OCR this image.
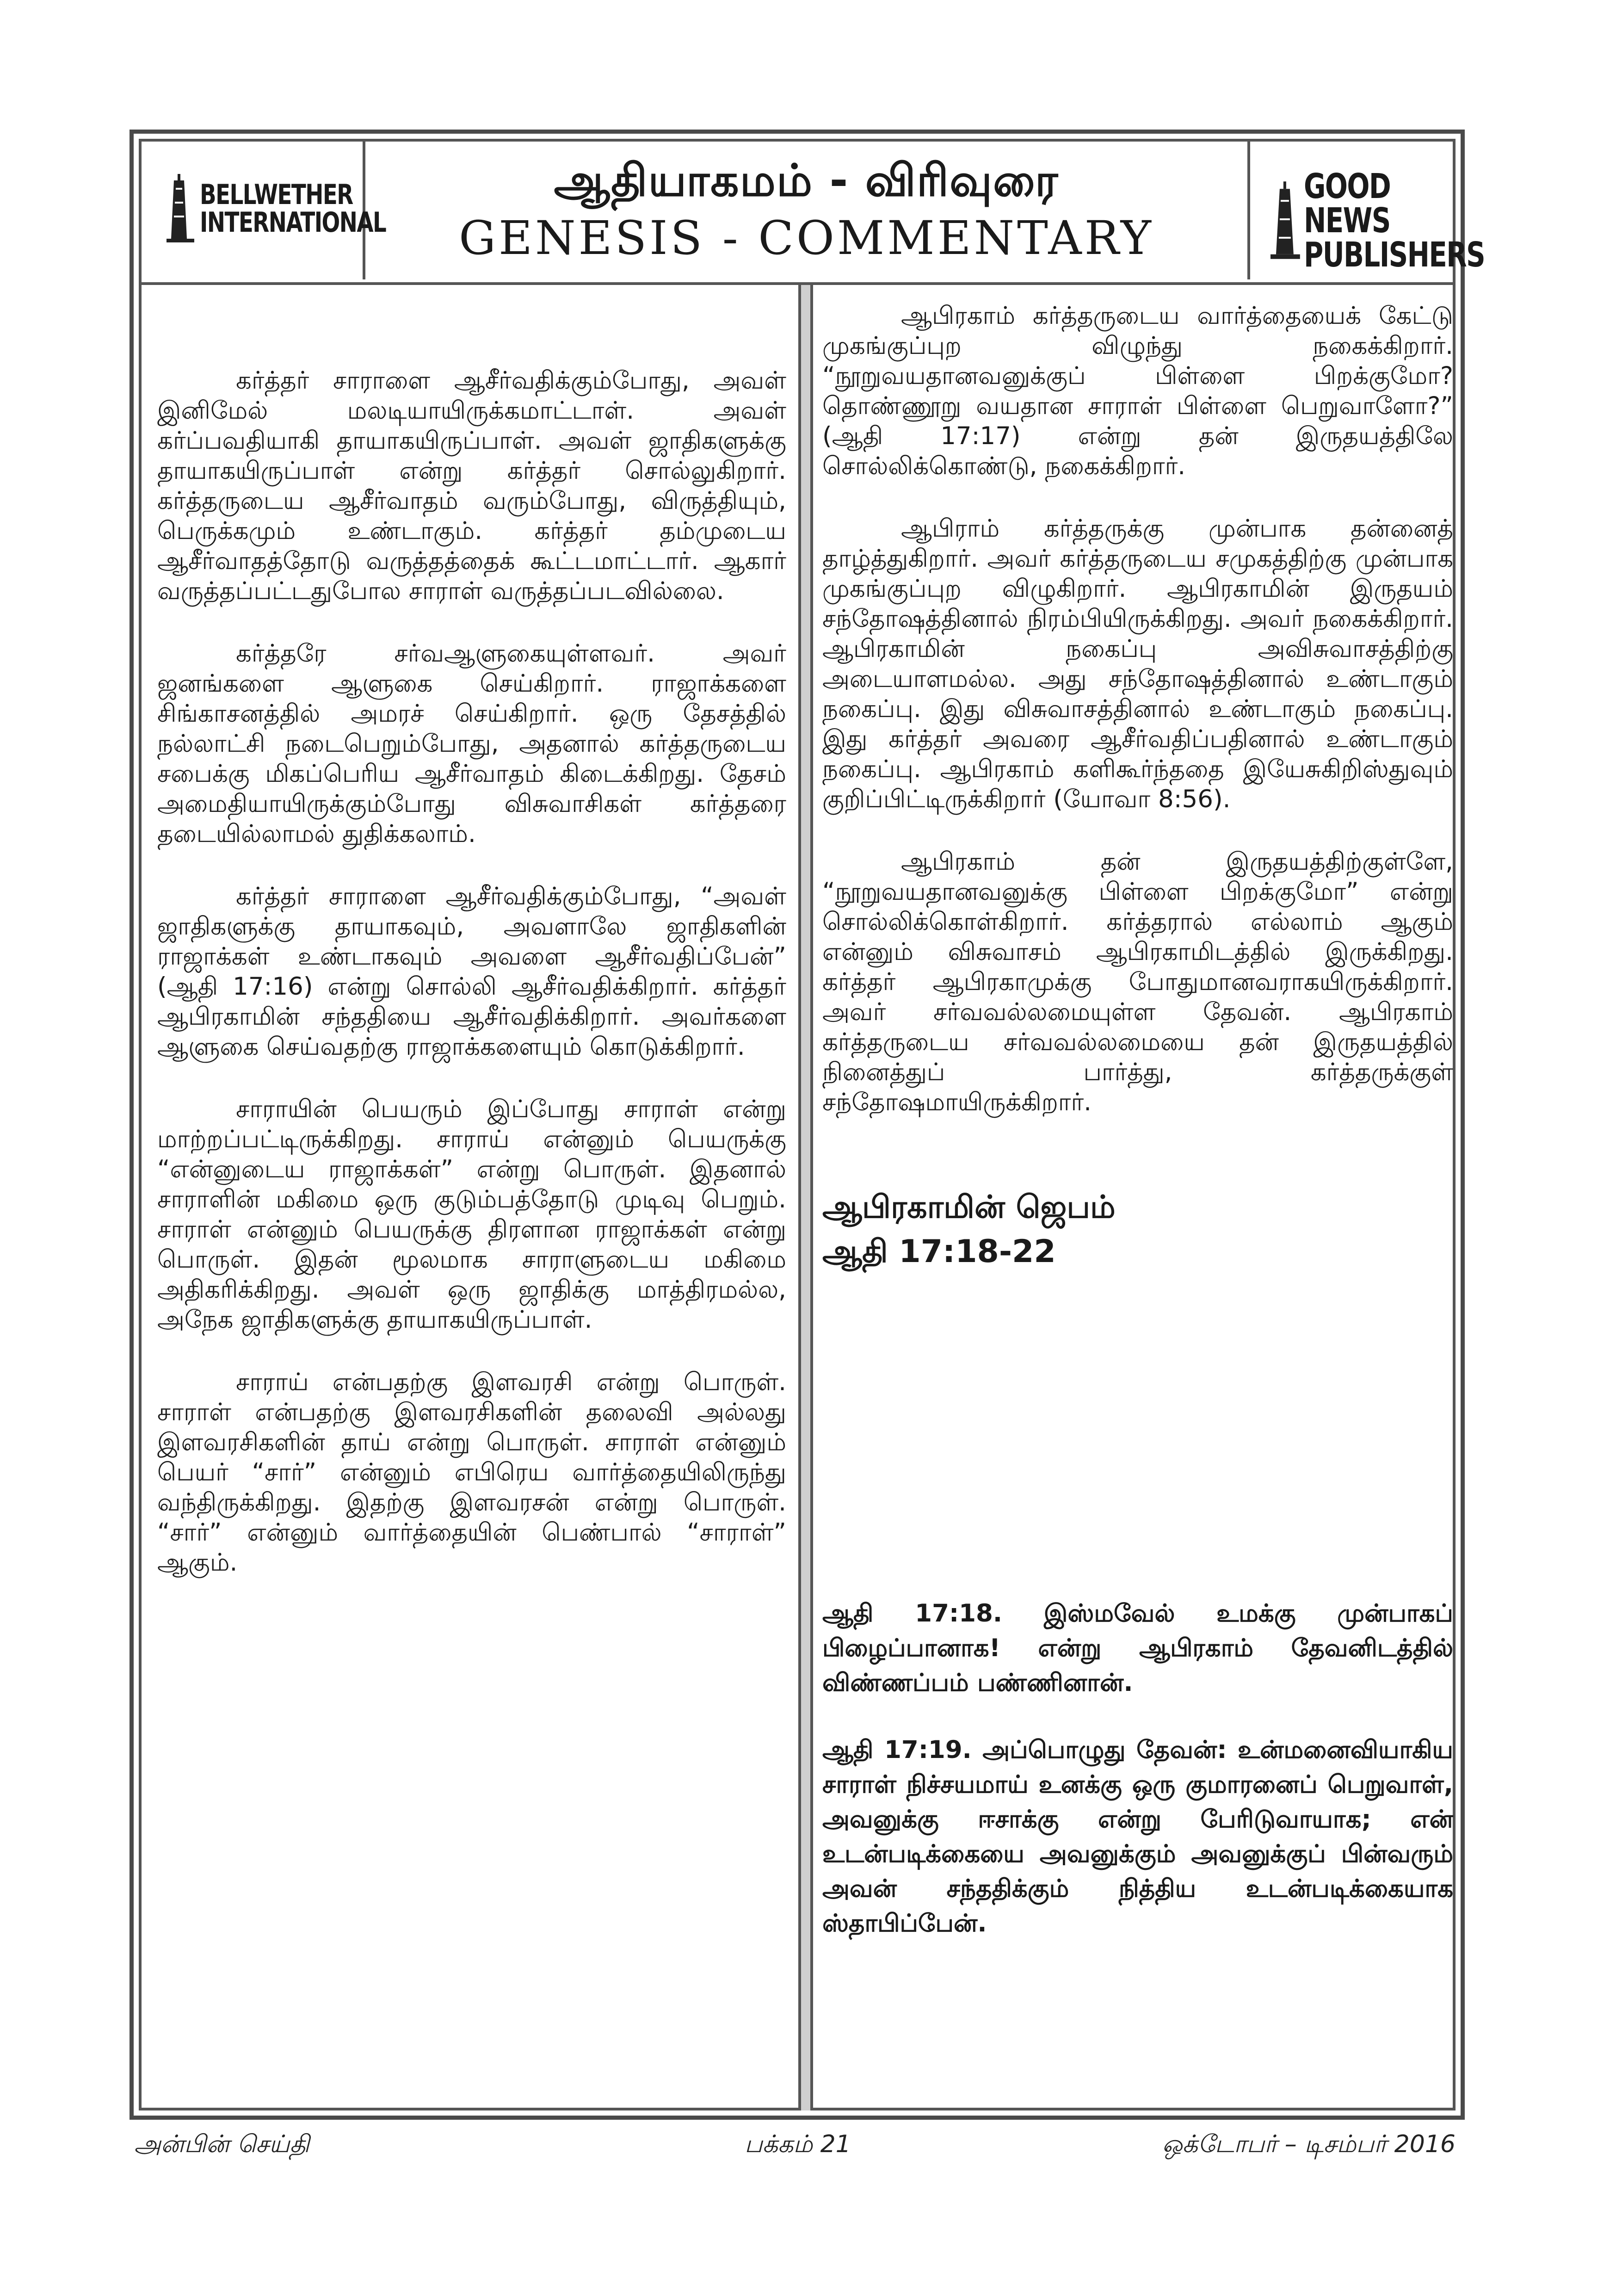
BELLWETHER
INTERNATIONAL
ஆதியாகமம் - விரிவுரை
GENESIS - COMMENTARY
GOOD NEWS
PUBLISHERS

கர்த்தர் சாராளை ஆசீர்வதிக்கும்போது, அவள் இனிமேல் மலடியாயிருக்கமாட்டாள். அவள் கர்ப்பவதியாகி தாயாகயிருப்பாள். அவள் ஜாதிகளுக்கு தாயாகயிருப்பாள் என்று கர்த்தர் சொல்லுகிறார். கர்த்தருடைய ஆசீர்வாதம் வரும்போது, விருத்தியும், பெருக்கமும் உண்டாகும். கர்த்தர் தம்முடைய ஆசீர்வாதத்தோடு வருத்தத்தைக் கூட்டமாட்டார். ஆகார் வருத்தப்பட்டதுபோல சாராள் வருத்தப்படவில்லை.

கர்த்தரே சர்வஆளுகையுள்ளவர். அவர் ஜனங்களை ஆளுகை செய்கிறார். ராஜாக்களை சிங்காசனத்தில் அமரச் செய்கிறார். ஒரு தேசத்தில் நல்லாட்சி நடைபெறும்போது, அதனால் கர்த்தருடைய சபைக்கு மிகப்பெரிய ஆசீர்வாதம் கிடைக்கிறது. தேசம் அமைதியாயிருக்கும்போது விசுவாசிகள் கர்த்தரை தடையில்லாமல் துதிக்கலாம்.

கர்த்தர் சாராளை ஆசீர்வதிக்கும்போது, “அவள் ஜாதிகளுக்கு தாயாகவும், அவளாலே ஜாதிகளின் ராஜாக்கள் உண்டாகவும் அவளை ஆசீர்வதிப்பேன்” (ஆதி 17:16) என்று சொல்லி ஆசீர்வதிக்கிறார். கர்த்தர் ஆபிரகாமின் சந்ததியை ஆசீர்வதிக்கிறார். அவர்களை ஆளுகை செய்வதற்கு ராஜாக்களையும் கொடுக்கிறார்.

சாராயின் பெயரும் இப்போது சாராள் என்று மாற்றப்பட்டிருக்கிறது. சாராய் என்னும் பெயருக்கு “என்னுடைய ராஜாக்கள்” என்று பொருள். இதனால் சாராளின் மகிமை ஒரு குடும்பத்தோடு முடிவு பெறும். சாராள் என்னும் பெயருக்கு திரளான ராஜாக்கள் என்று பொருள். இதன் மூலமாக சாராளுடைய மகிமை அதிகரிக்கிறது. அவள் ஒரு ஜாதிக்கு மாத்திரமல்ல, அநேக ஜாதிகளுக்கு தாயாகயிருப்பாள்.

சாராய் என்பதற்கு இளவரசி என்று பொருள். சாராள் என்பதற்கு இளவரசிகளின் தலைவி அல்லது இளவரசிகளின் தாய் என்று பொருள். சாராள் என்னும் பெயர் “சார்” என்னும் எபிரெய வார்த்தையிலிருந்து வந்திருக்கிறது. இதற்கு இளவரசன் என்று பொருள். “சார்” என்னும் வார்த்தையின் பெண்பால் “சாராள்” ஆகும்.

ஆபிரகாம் கர்த்தருடைய வார்த்தையைக் கேட்டு முகங்குப்புற விழுந்து நகைக்கிறார். “நூறுவயதானவனுக்குப் பிள்ளை பிறக்குமோ? தொண்ணூறு வயதான சாராள் பிள்ளை பெறுவாளோ?” (ஆதி 17:17) என்று தன் இருதயத்திலே சொல்லிக்கொண்டு, நகைக்கிறார்.

ஆபிராம் கர்த்தருக்கு முன்பாக தன்னைத் தாழ்த்துகிறார். அவர் கர்த்தருடைய சமுகத்திற்கு முன்பாக முகங்குப்புற விழுகிறார். ஆபிரகாமின் இருதயம் சந்தோஷத்தினால் நிரம்பியிருக்கிறது. அவர் நகைக்கிறார். ஆபிரகாமின் நகைப்பு அவிசுவாசத்திற்கு அடையாளமல்ல. அது சந்தோஷத்தினால் உண்டாகும் நகைப்பு. இது விசுவாசத்தினால் உண்டாகும் நகைப்பு. இது கர்த்தர் அவரை ஆசீர்வதிப்பதினால் உண்டாகும் நகைப்பு. ஆபிரகாம் களிகூர்ந்ததை இயேசுகிறிஸ்துவும் குறிப்பிட்டிருக்கிறார் (யோவா 8:56).

ஆபிரகாம் தன் இருதயத்திற்குள்ளே, “நூறுவயதானவனுக்கு பிள்ளை பிறக்குமோ” என்று சொல்லிக்கொள்கிறார். கர்த்தரால் எல்லாம் ஆகும் என்னும் விசுவாசம் ஆபிரகாமிடத்தில் இருக்கிறது. கர்த்தர் ஆபிரகாமுக்கு போதுமானவராகயிருக்கிறார். அவர் சர்வவல்லமையுள்ள தேவன். ஆபிரகாம் கர்த்தருடைய சர்வவல்லமையை தன் இருதயத்தில் நினைத்துப் பார்த்து, கர்த்தருக்குள் சந்தோஷமாயிருக்கிறார்.

ஆபிரகாமின் ஜெபம்
ஆதி 17:18-22

ஆதி 17:18. இஸ்மவேல் உமக்கு முன்பாகப் பிழைப்பானாக! என்று ஆபிரகாம் தேவனிடத்தில் விண்ணப்பம் பண்ணினான்.

ஆதி 17:19. அப்பொழுது தேவன்: உன்மனைவியாகிய சாராள் நிச்சயமாய் உனக்கு ஒரு குமாரனைப் பெறுவாள், அவனுக்கு ஈசாக்கு என்று பேரிடுவாயாக; என் உடன்படிக்கையை அவனுக்கும் அவனுக்குப் பின்வரும் அவன் சந்ததிக்கும் நித்திய உடன்படிக்கையாக ஸ்தாபிப்பேன்.

அன்பின் செய்தி	பக்கம் 21	ஒக்டோபர் – டிசம்பர் 2016
